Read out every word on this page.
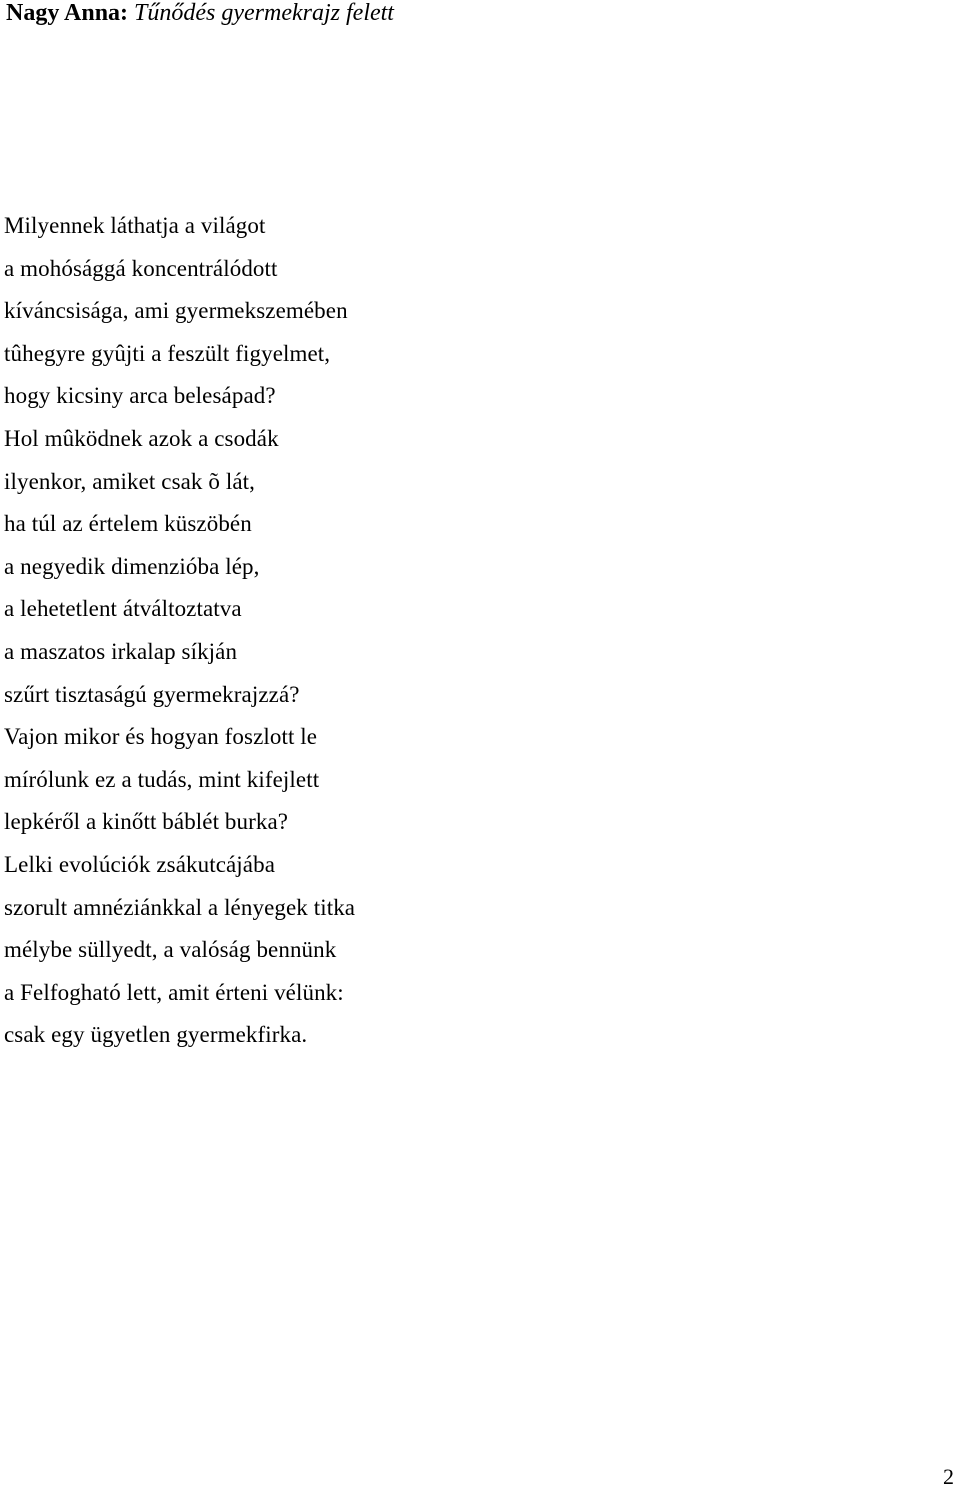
Nagy Anna: Tűnődés gyermekrajz felett
Milyennek láthatja a világot
a mohósággá koncentrálódott
kíváncsisága, ami gyermekszemében
tûhegyre gyûjti a feszült figyelmet,
hogy kicsiny arca belesápad?
Hol mûködnek azok a csodák
ilyenkor, amiket csak õ lát,
ha túl az értelem küszöbén
a negyedik dimenzióba lép,
a lehetetlent átváltoztatva
a maszatos irkalap síkján
szűrt tisztaságú gyermekrajzzá?
Vajon mikor és hogyan foszlott le
mírólunk ez a tudás, mint kifejlett
lepkéről a kinőtt báblét burka?
Lelki evolúciók zsákutcájába
szorult amnéziánkkal a lényegek titka
mélybe süllyedt, a valóság bennünk
a Felfogható lett, amit érteni vélünk:
csak egy ügyetlen gyermekfirka.
2
